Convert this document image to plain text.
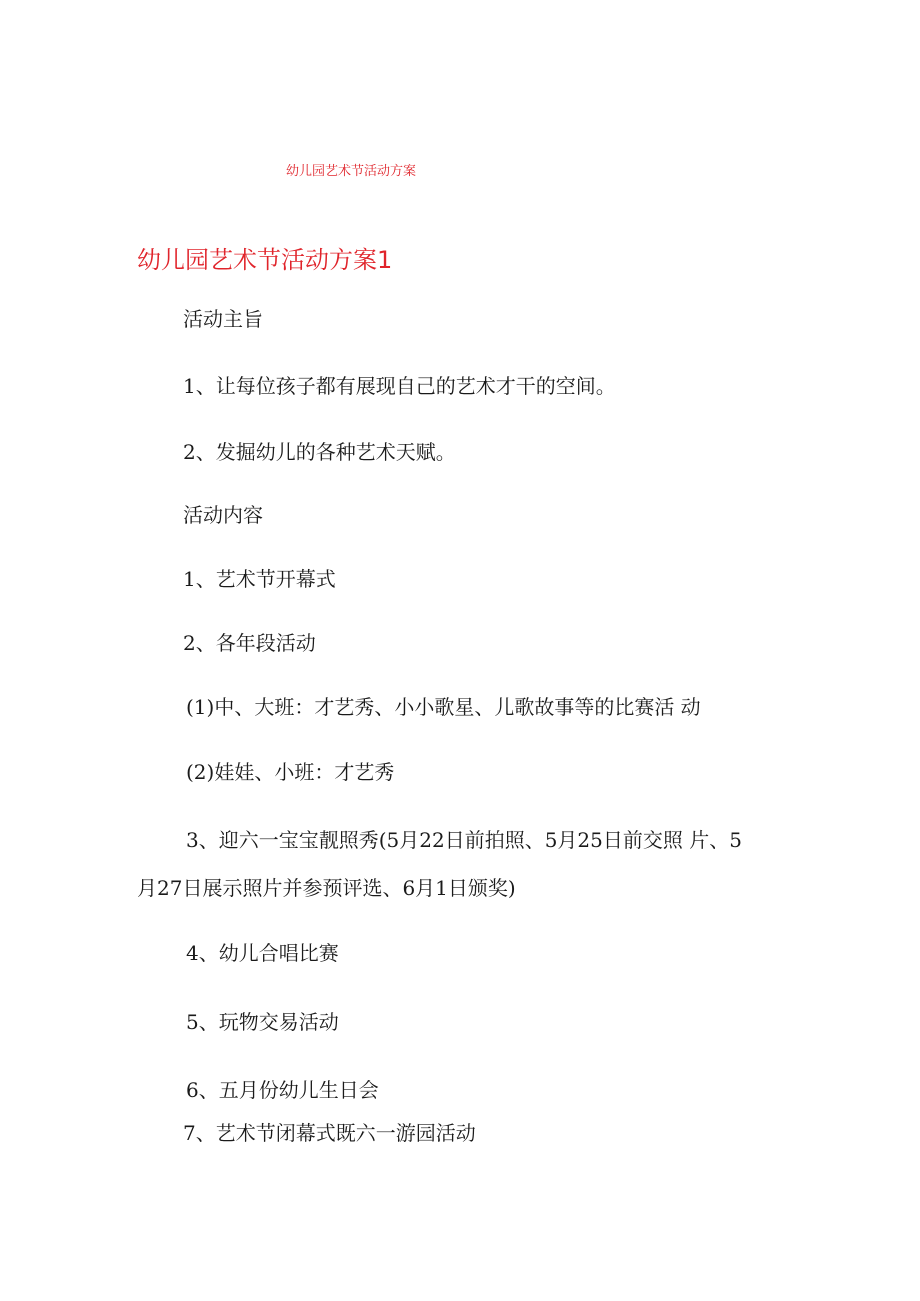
幼儿园艺术节活动方案
幼儿园艺术节活动方案1
活动主旨
1、让每位孩子都有展现自己的艺术才干的空间。
2、发掘幼儿的各种艺术天赋。
活动内容
1、艺术节开幕式
2、各年段活动
(1)中、大班：才艺秀、小小歌星、儿歌故事等的比赛活 动
(2)娃娃、小班：才艺秀
3、迎六一宝宝靓照秀(5月22日前拍照、5月25日前交照 片、5
月27日展示照片并参预评选、6月1日颁奖)
4、幼儿合唱比赛
5、玩物交易活动
6、五月份幼儿生日会
7、艺术节闭幕式既六一游园活动
